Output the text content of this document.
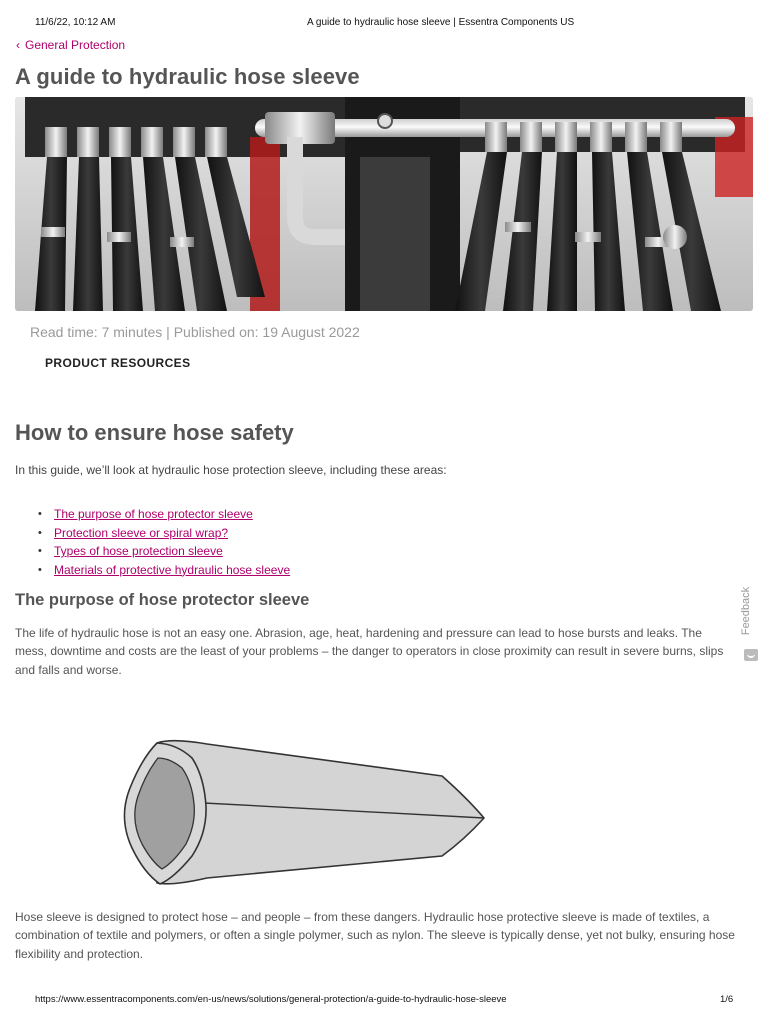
11/6/22, 10:12 AM	A guide to hydraulic hose sleeve | Essentra Components US
‹ General Protection
A guide to hydraulic hose sleeve
Read time: 7 minutes | Published on: 19 August 2022
PRODUCT RESOURCES
How to ensure hose safety

In this guide, we’ll look at hydraulic hose protection sleeve, including these areas:

• The purpose of hose protector sleeve
• Protection sleeve or spiral wrap?
• Types of hose protection sleeve
• Materials of protective hydraulic hose sleeve
The purpose of hose protector sleeve

The life of hydraulic hose is not an easy one. Abrasion, age, heat, hardening and pressure can lead to hose bursts and leaks. The mess, downtime and costs are the least of your problems – the danger to operators in close proximity can result in severe burns, slips and falls and worse.

Feedback

Hose sleeve is designed to protect hose – and people – from these dangers. Hydraulic hose protective sleeve is made of textiles, a combination of textile and polymers, or often a single polymer, such as nylon. The sleeve is typically dense, yet not bulky, ensuring hose flexibility and protection.

https://www.essentracomponents.com/en-us/news/solutions/general-protection/a-guide-to-hydraulic-hose-sleeve	1/6
